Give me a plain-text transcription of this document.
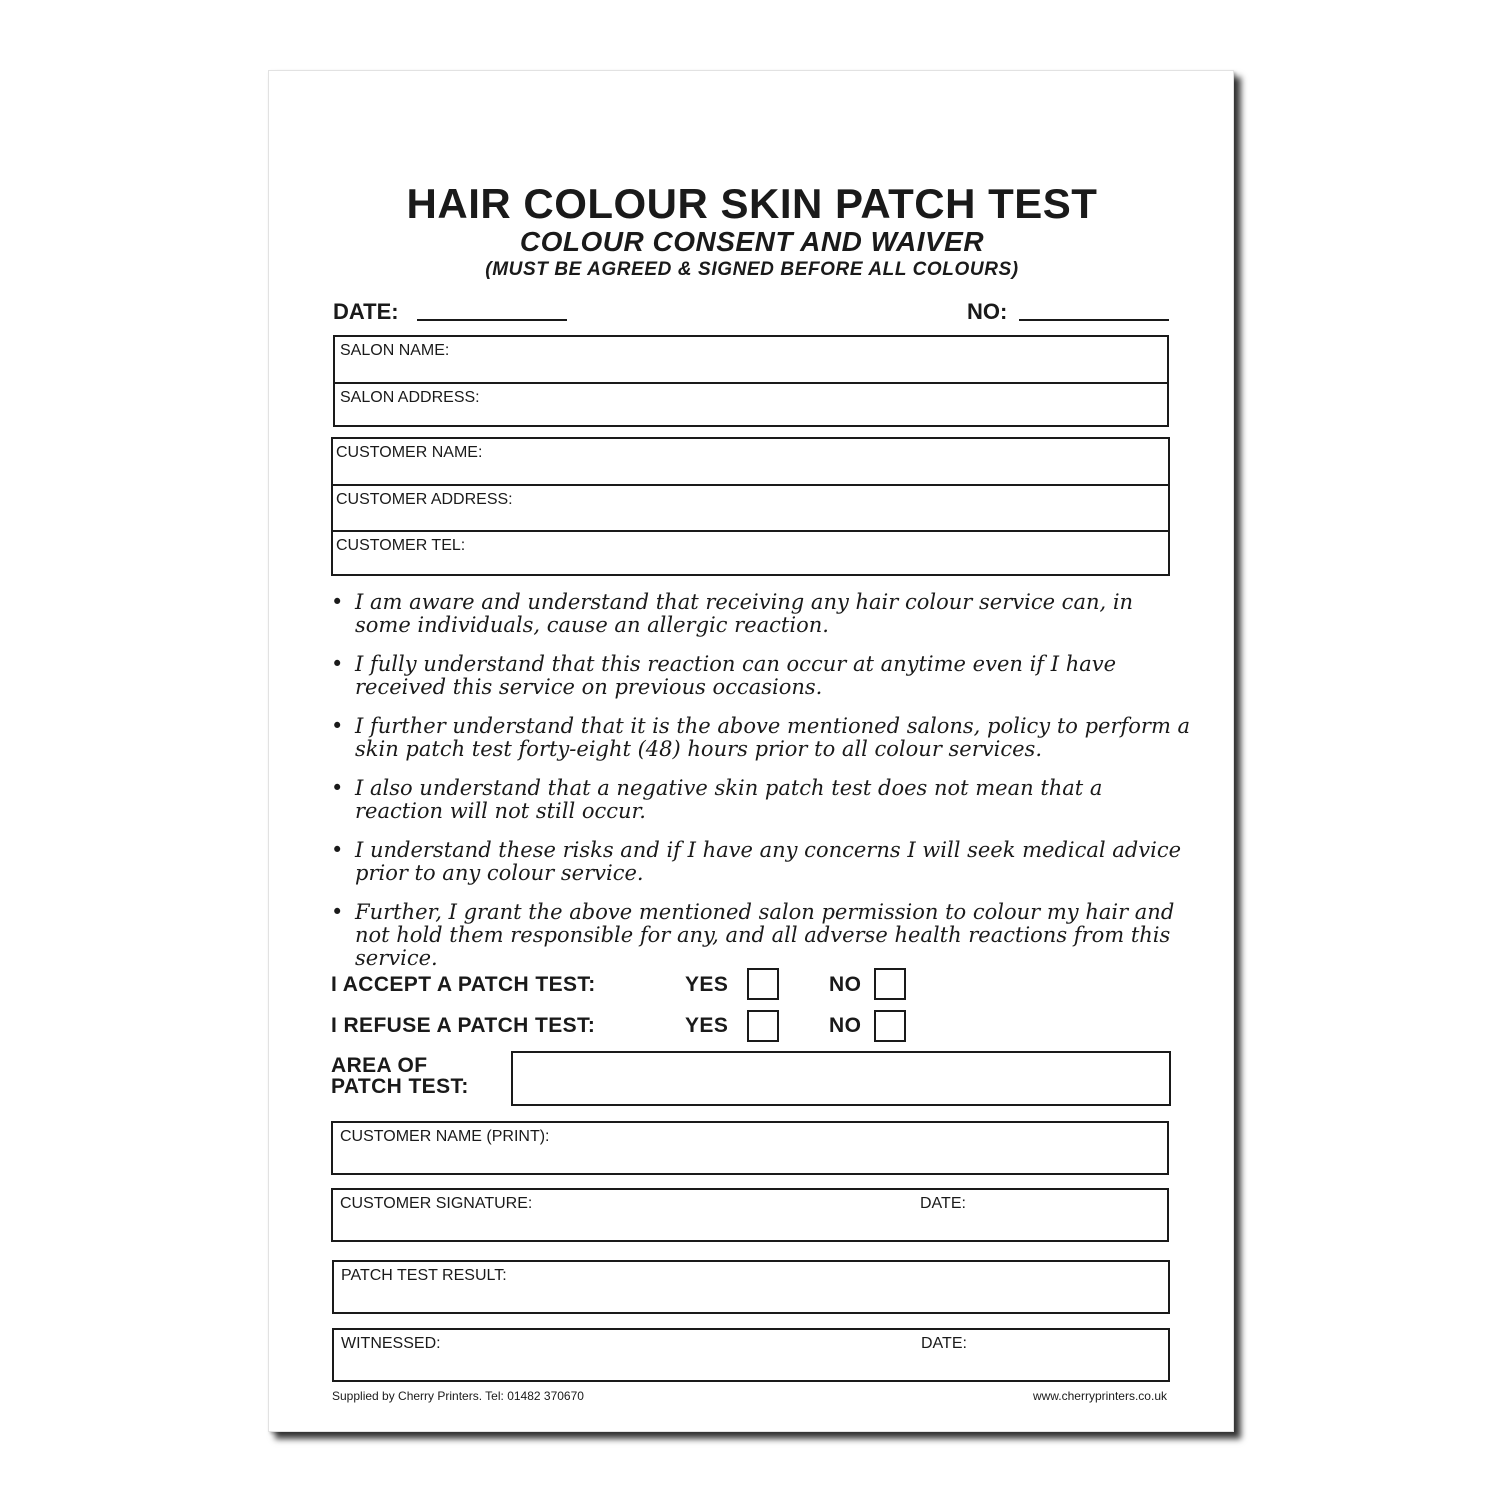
HAIR COLOUR SKIN PATCH TEST
COLOUR CONSENT AND WAIVER
(MUST BE AGREED & SIGNED BEFORE ALL COLOURS)
DATE:	NO:
SALON NAME:
SALON ADDRESS:
CUSTOMER NAME:
CUSTOMER ADDRESS:
CUSTOMER TEL:
• I am aware and understand that receiving any hair colour service can, in some individuals, cause an allergic reaction.
• I fully understand that this reaction can occur at anytime even if I have received this service on previous occasions.
• I further understand that it is the above mentioned salons, policy to perform a skin patch test forty-eight (48) hours prior to all colour services.
• I also understand that a negative skin patch test does not mean that a reaction will not still occur.
• I understand these risks and if I have any concerns I will seek medical advice prior to any colour service.
• Further, I grant the above mentioned salon permission to colour my hair and not hold them responsible for any, and all adverse health reactions from this service.
I ACCEPT A PATCH TEST:	YES	NO
I REFUSE A PATCH TEST:	YES	NO
AREA OF
PATCH TEST:
CUSTOMER NAME (PRINT):
CUSTOMER SIGNATURE:	DATE:
PATCH TEST RESULT:
WITNESSED:	DATE:
Supplied by Cherry Printers. Tel: 01482 370670	www.cherryprinters.co.uk
